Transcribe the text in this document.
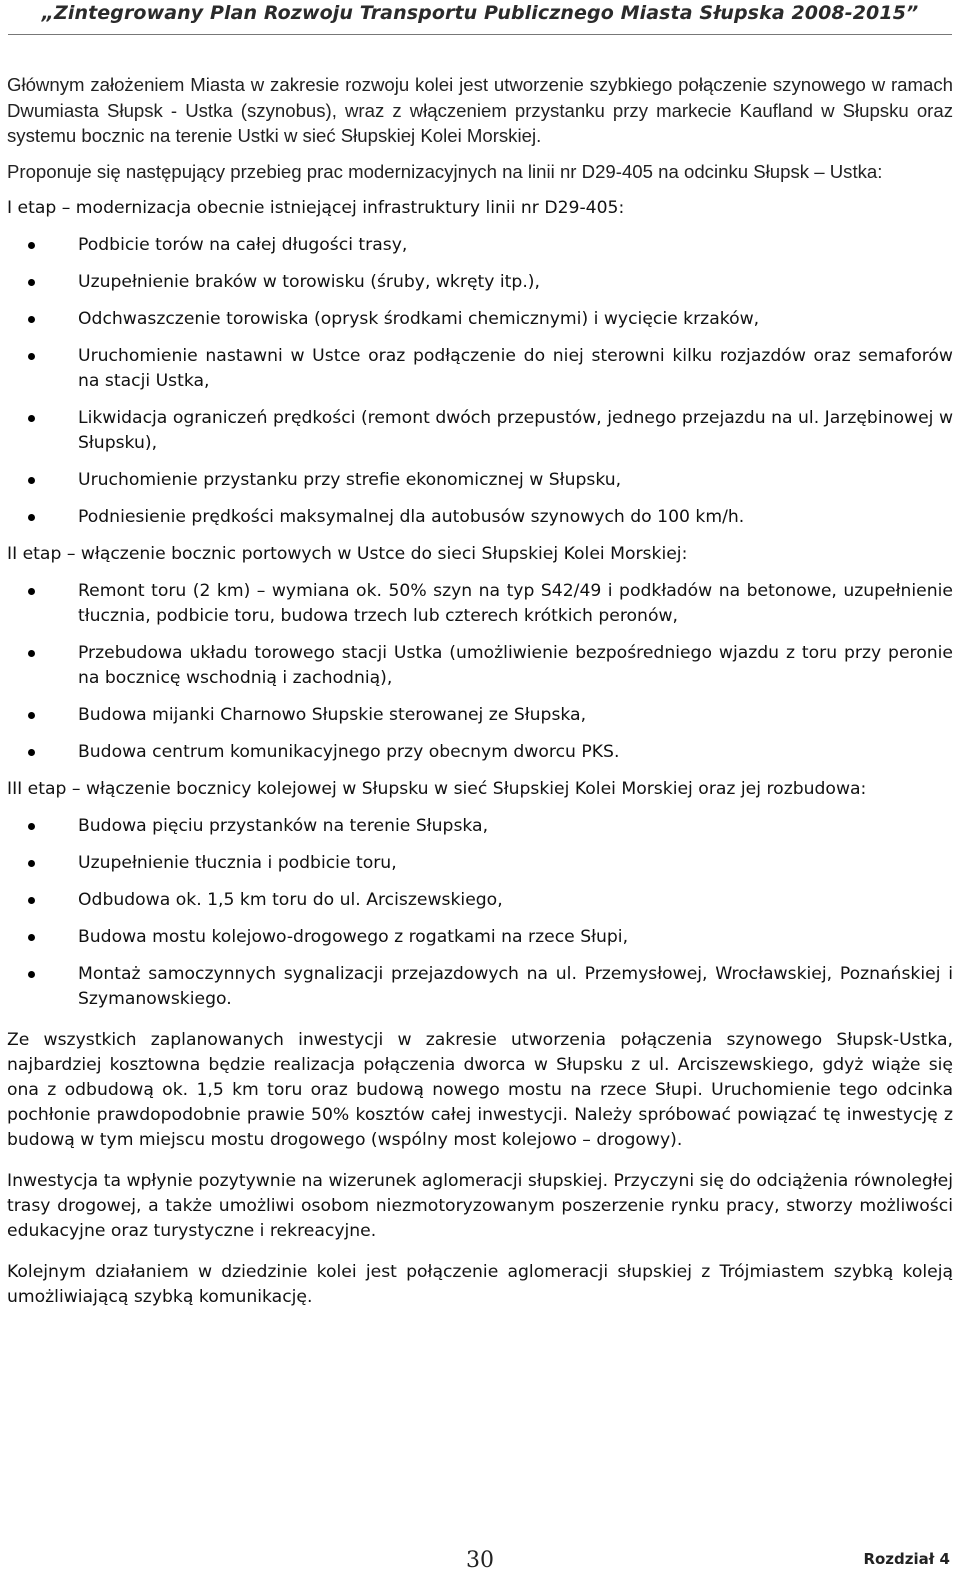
„Zintegrowany Plan Rozwoju Transportu Publicznego Miasta Słupska 2008-2015”

Głównym założeniem Miasta w zakresie rozwoju kolei jest utworzenie szybkiego połączenie szynowego w ramach Dwumiasta Słupsk - Ustka (szynobus), wraz z włączeniem przystanku przy markecie Kaufland w Słupsku oraz systemu bocznic na terenie Ustki w sieć Słupskiej Kolei Morskiej.

Proponuje się następujący przebieg prac modernizacyjnych na linii nr D29-405 na odcinku Słupsk – Ustka:

I etap – modernizacja obecnie istniejącej infrastruktury linii nr D29-405:

Podbicie torów na całej długości trasy,
Uzupełnienie braków w torowisku (śruby, wkręty itp.),
Odchwaszczenie torowiska (oprysk środkami chemicznymi) i wycięcie krzaków,
Uruchomienie nastawni w Ustce oraz podłączenie do niej sterowni kilku rozjazdów oraz semaforów na stacji Ustka,
Likwidacja ograniczeń prędkości (remont dwóch przepustów, jednego przejazdu na ul. Jarzębinowej w Słupsku),
Uruchomienie przystanku przy strefie ekonomicznej w Słupsku,
Podniesienie prędkości maksymalnej dla autobusów szynowych do 100 km/h.

II etap – włączenie bocznic portowych w Ustce do sieci Słupskiej Kolei Morskiej:

Remont toru (2 km) – wymiana ok. 50% szyn na typ S42/49 i podkładów na betonowe, uzupełnienie tłucznia, podbicie toru, budowa trzech lub czterech krótkich peronów,
Przebudowa układu torowego stacji Ustka (umożliwienie bezpośredniego wjazdu z toru przy peronie na bocznicę wschodnią i zachodnią),
Budowa mijanki Charnowo Słupskie sterowanej ze Słupska,
Budowa centrum komunikacyjnego przy obecnym dworcu PKS.

III etap – włączenie bocznicy kolejowej w Słupsku w sieć Słupskiej Kolei Morskiej oraz jej rozbudowa:

Budowa pięciu przystanków na terenie Słupska,
Uzupełnienie tłucznia i podbicie toru,
Odbudowa ok. 1,5 km toru do ul. Arciszewskiego,
Budowa mostu kolejowo-drogowego z rogatkami na rzece Słupi,
Montaż samoczynnych sygnalizacji przejazdowych na ul. Przemysłowej, Wrocławskiej, Poznańskiej i Szymanowskiego.

Ze wszystkich zaplanowanych inwestycji w zakresie utworzenia połączenia szynowego Słupsk-Ustka, najbardziej kosztowna będzie realizacja połączenia dworca w Słupsku z ul. Arciszewskiego, gdyż wiąże się ona z odbudową ok. 1,5 km toru oraz budową nowego mostu na rzece Słupi. Uruchomienie tego odcinka pochłonie prawdopodobnie prawie 50% kosztów całej inwestycji. Należy spróbować powiązać tę inwestycję z budową w tym miejscu mostu drogowego (wspólny most kolejowo – drogowy).

Inwestycja ta wpłynie pozytywnie na wizerunek aglomeracji słupskiej. Przyczyni się do odciążenia równoległej trasy drogowej, a także umożliwi osobom niezmotoryzowanym poszerzenie rynku pracy, stworzy możliwości edukacyjne oraz turystyczne i rekreacyjne.

Kolejnym działaniem w dziedzinie kolei jest połączenie aglomeracji słupskiej z Trójmiastem szybką koleją umożliwiającą szybką komunikację.

30	Rozdział 4
